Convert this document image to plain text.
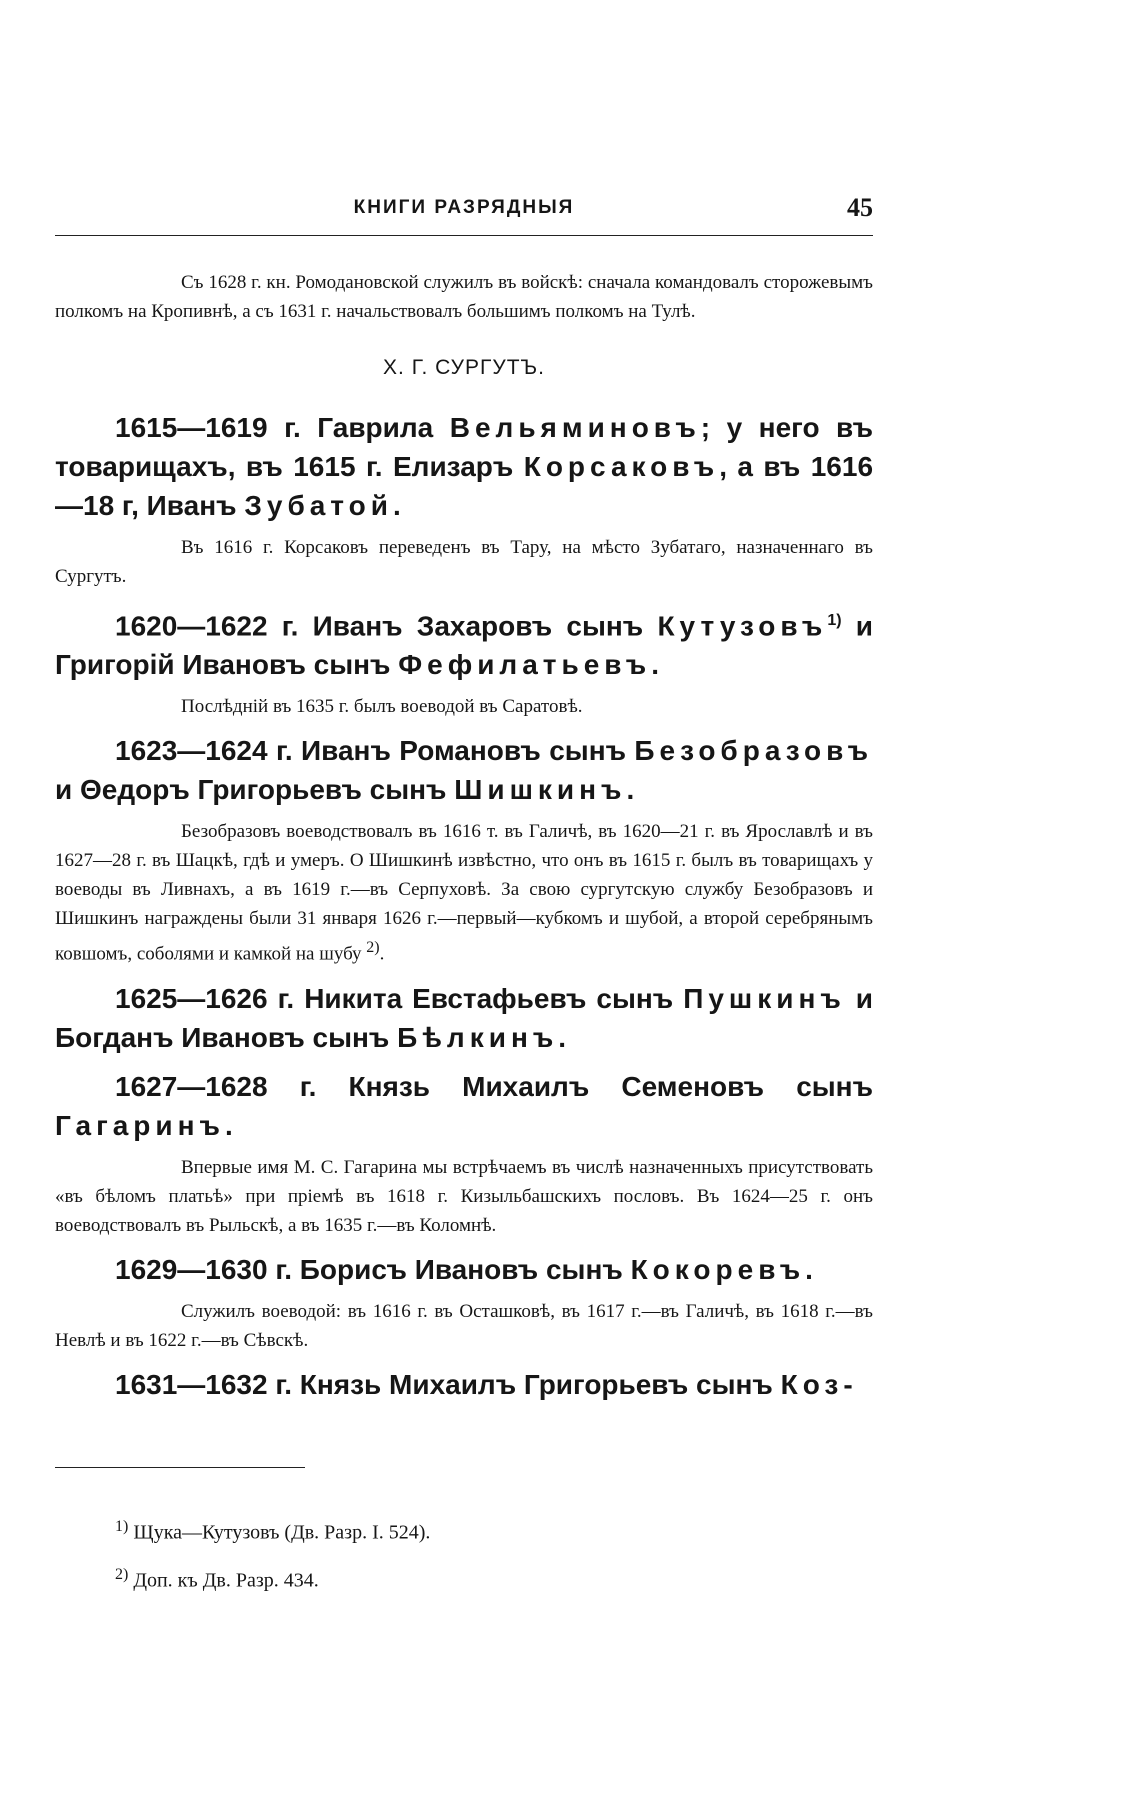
КНИГИ РАЗРЯДНЫЯ	45

Съ 1628 г. кн. Ромодановской служилъ въ войскѣ: сначала командовалъ сторожевымъ полкомъ на Кропивнѣ, а съ 1631 г. начальствовалъ большимъ полкомъ на Тулѣ.

X. Г. СУРГУТЪ.

1615—1619 г. Гаврила Вельяминовъ; у него въ товарищахъ, въ 1615 г. Елизаръ Корсаковъ, а въ 1616—18 г, Иванъ Зубатой.

Въ 1616 г. Корсаковъ переведенъ въ Тару, на мѣсто Зубатаго, назначеннаго въ Сургутъ.

1620—1622 г. Иванъ Захаровъ сынъ Кутузовъ$^{1)}$ и Григорій Ивановъ сынъ Фефилатьевъ.

Послѣдній въ 1635 г. былъ воеводой въ Саратовѣ.

1623—1624 г. Иванъ Романовъ сынъ Безобразовъ и Θедоръ Григорьевъ сынъ Шишкинъ.

Безобразовъ воеводствовалъ въ 1616 т. въ Галичѣ, въ 1620—21 г. въ Ярославлѣ и въ 1627—28 г. въ Шацкѣ, гдѣ и умеръ. О Шишкинѣ извѣстно, что онъ въ 1615 г. былъ въ товарищахъ у воеводы въ Ливнахъ, а въ 1619 г.—въ Серпуховѣ. За свою сургутскую службу Безобразовъ и Шишкинъ награждены были 31 января 1626 г.—первый—кубкомъ и шубой, а второй серебрянымъ ковшомъ, соболями и камкой на шубу $^{2)}$.

1625—1626 г. Никита Евстафьевъ сынъ Пушкинъ и Богданъ Ивановъ сынъ Бѣлкинъ.

1627—1628 г. Князь Михаилъ Семеновъ сынъ Гагаринъ.

Впервые имя М. С. Гагарина мы встрѣчаемъ въ числѣ назначенныхъ присутствовать «въ бѣломъ платьѣ» при пріемѣ въ 1618 г. Кизыльбашскихъ пословъ. Въ 1624—25 г. онъ воеводствовалъ въ Рыльскѣ, а въ 1635 г.—въ Коломнѣ.

1629—1630 г. Борисъ Ивановъ сынъ Кокоревъ.

Служилъ воеводой: въ 1616 г. въ Осташковѣ, въ 1617 г.—въ Галичѣ, въ 1618 г.—въ Невлѣ и въ 1622 г.—въ Сѣвскѣ.

1631—1632 г. Князь Михаилъ Григорьевъ сынъ Коз-

$^{1)}$ Щука—Кутузовъ (Дв. Разр. I. 524).

$^{2)}$ Доп. къ Дв. Разр. 434.
